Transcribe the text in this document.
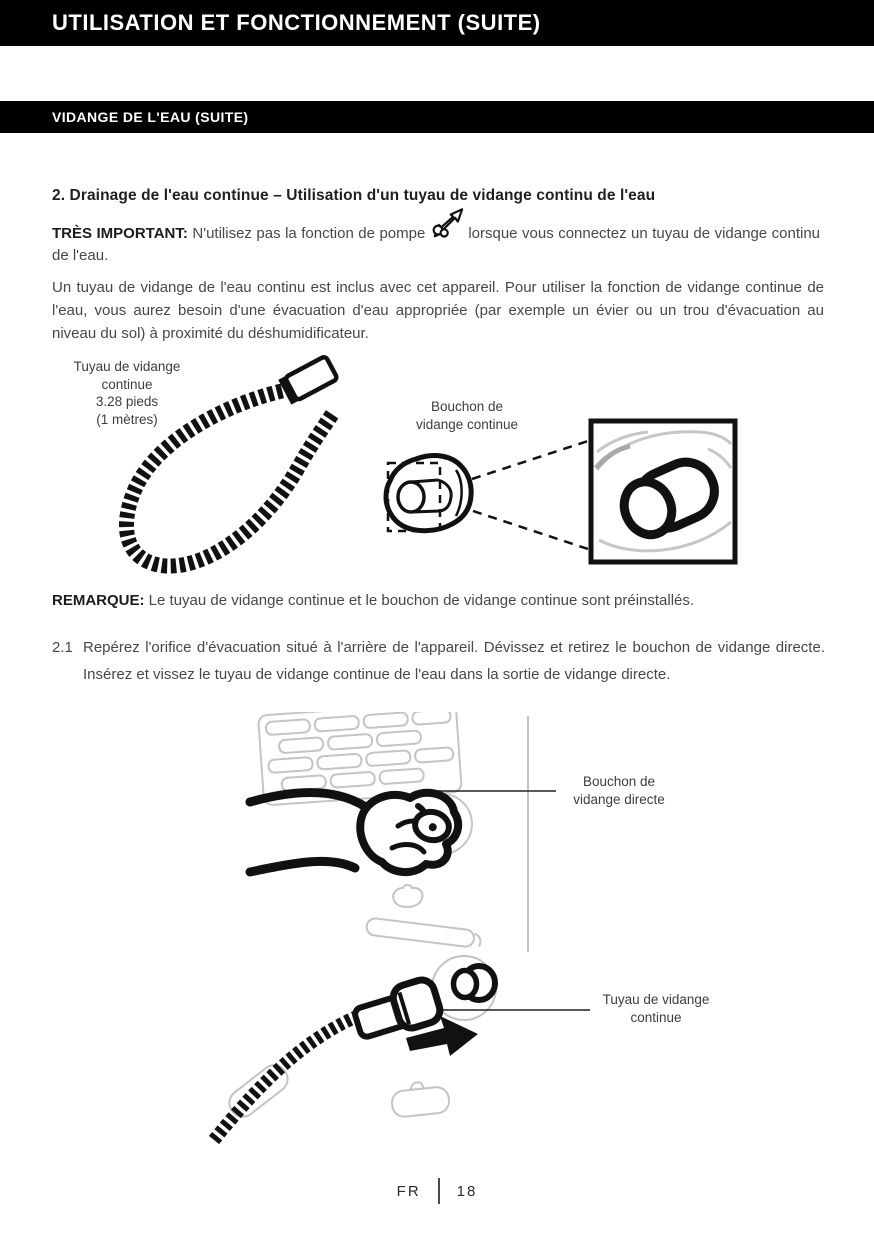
UTILISATION ET FONCTIONNEMENT (SUITE)
VIDANGE DE L'EAU (SUITE)
2. Drainage de l'eau continue – Utilisation d'un tuyau de vidange continu de l'eau
TRÈS IMPORTANT: N'utilisez pas la fonction de pompe	lorsque vous connectez un tuyau de vidange continu de l'eau.
Un tuyau de vidange de l'eau continu est inclus avec cet appareil. Pour utiliser la fonction de vidange continue de l'eau, vous aurez besoin d'une évacuation d'eau appropriée (par exemple un évier ou un trou d'évacuation au niveau du sol) à proximité du déshumidificateur.
Tuyau de vidange
continue
3.28 pieds
(1 mètres)
Bouchon de
vidange continue
REMARQUE: Le tuyau de vidange continue et le bouchon de vidange continue sont préinstallés.
2.1 Repérez l'orifice d'évacuation situé à l'arrière de l'appareil. Dévissez et retirez le bouchon de vidange directe. Insérez et vissez le tuyau de vidange continue de l'eau dans la sortie de vidange directe.
Bouchon de
vidange directe
Tuyau de vidange
continue
FR 18
